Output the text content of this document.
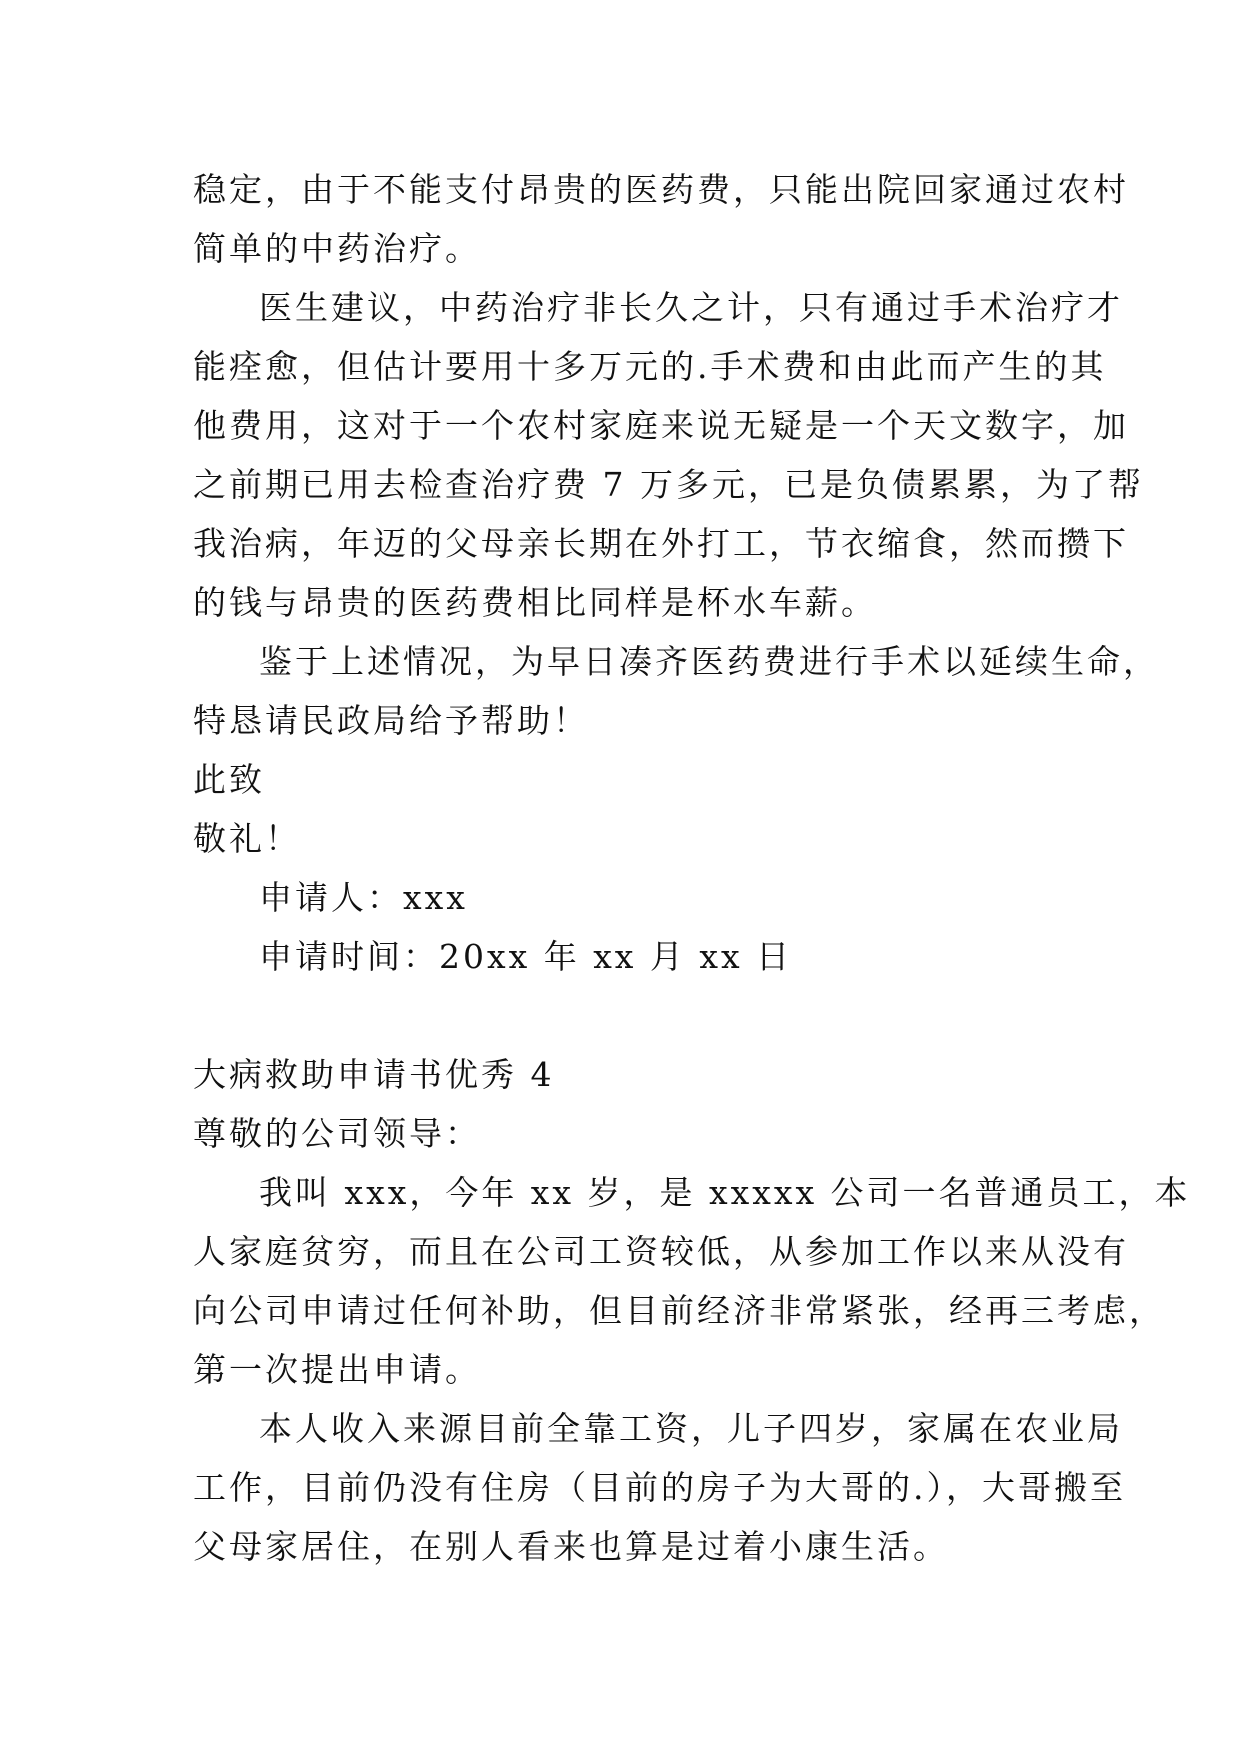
稳定，由于不能支付昂贵的医药费，只能出院回家通过农村
简单的中药治疗。
医生建议，中药治疗非长久之计，只有通过手术治疗才
能痊愈，但估计要用十多万元的.手术费和由此而产生的其
他费用，这对于一个农村家庭来说无疑是一个天文数字，加
之前期已用去检查治疗费 7 万多元，已是负债累累，为了帮
我治病，年迈的父母亲长期在外打工，节衣缩食，然而攒下
的钱与昂贵的医药费相比同样是杯水车薪。
鉴于上述情况，为早日凑齐医药费进行手术以延续生命，
特恳请民政局给予帮助！
此致
敬礼！
申请人：xxx
申请时间：20xx 年 xx 月 xx 日
大病救助申请书优秀 4
尊敬的公司领导：
我叫 xxx，今年 xx 岁，是 xxxxx 公司一名普通员工，本
人家庭贫穷，而且在公司工资较低，从参加工作以来从没有
向公司申请过任何补助，但目前经济非常紧张，经再三考虑，
第一次提出申请。
本人收入来源目前全靠工资，儿子四岁，家属在农业局
工作，目前仍没有住房（目前的房子为大哥的.），大哥搬至
父母家居住，在别人看来也算是过着小康生活。
